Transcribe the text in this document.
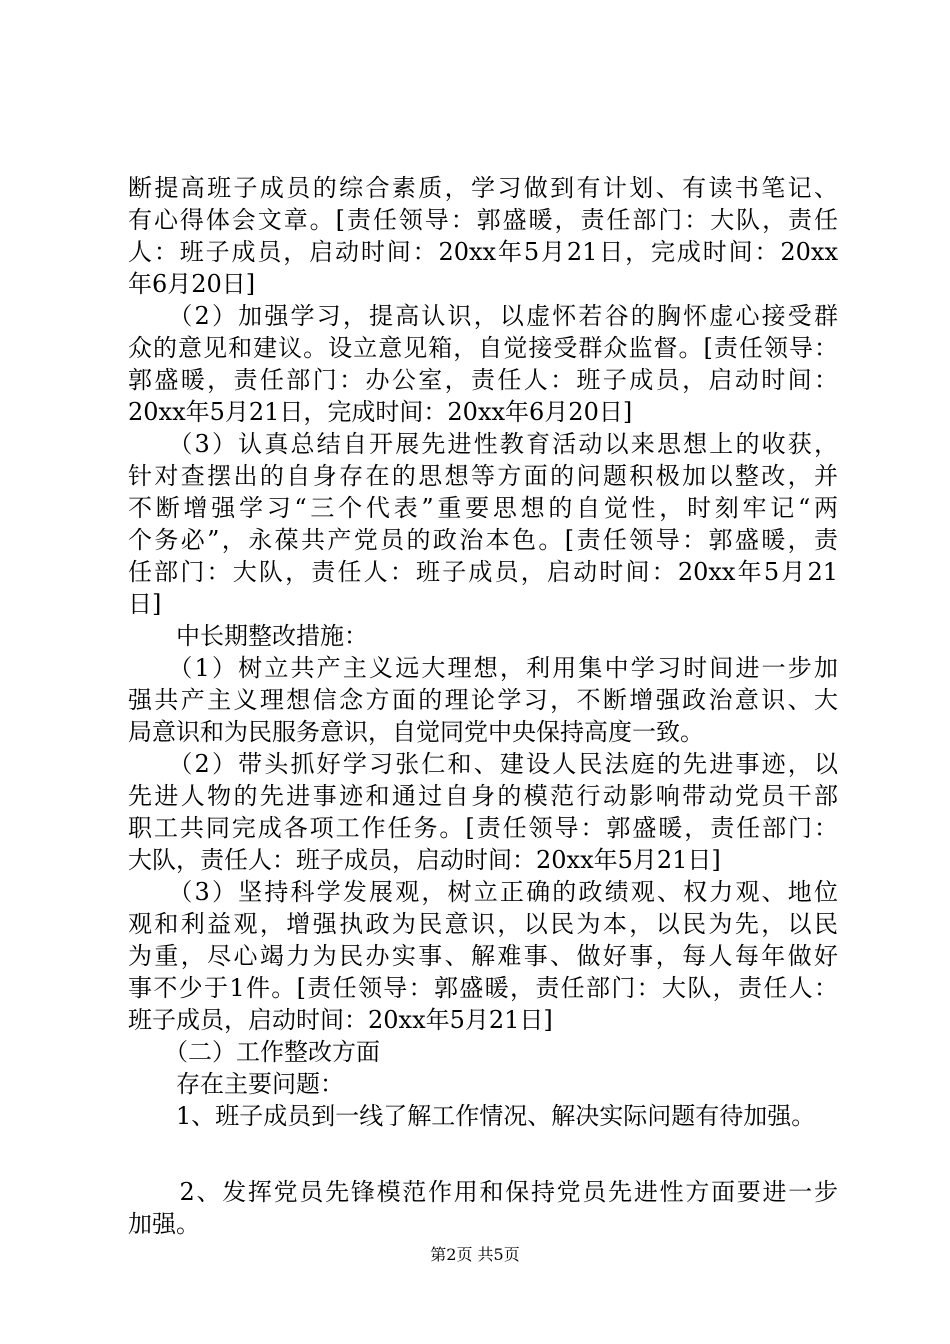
断提高班子成员的综合素质，学习做到有计划、有读书笔记、
有心得体会文章。[责任领导：郭盛暖，责任部门：大队，责任
人：班子成员，启动时间：20xx年5月21日，完成时间：20xx
年6月20日]
　　（2）加强学习，提高认识，以虚怀若谷的胸怀虚心接受群
众的意见和建议。设立意见箱，自觉接受群众监督。[责任领导：
郭盛暖，责任部门：办公室，责任人：班子成员，启动时间：
20xx年5月21日，完成时间：20xx年6月20日]
　　（3）认真总结自开展先进性教育活动以来思想上的收获，
针对查摆出的自身存在的思想等方面的问题积极加以整改，并
不断增强学习“三个代表”重要思想的自觉性，时刻牢记“两
个务必”，永葆共产党员的政治本色。[责任领导：郭盛暖，责
任部门：大队，责任人：班子成员，启动时间：20xx年5月21
日]
　　中长期整改措施：
　　（1）树立共产主义远大理想，利用集中学习时间进一步加
强共产主义理想信念方面的理论学习，不断增强政治意识、大
局意识和为民服务意识，自觉同党中央保持高度一致。
　　（2）带头抓好学习张仁和、建设人民法庭的先进事迹，以
先进人物的先进事迹和通过自身的模范行动影响带动党员干部
职工共同完成各项工作任务。[责任领导：郭盛暖，责任部门：
大队，责任人：班子成员，启动时间：20xx年5月21日]
　　（3）坚持科学发展观，树立正确的政绩观、权力观、地位
观和利益观，增强执政为民意识，以民为本，以民为先，以民
为重，尽心竭力为民办实事、解难事、做好事，每人每年做好
事不少于1件。[责任领导：郭盛暖，责任部门：大队，责任人：
班子成员，启动时间：20xx年5月21日]
　　（二）工作整改方面
　　存在主要问题：
　　1、班子成员到一线了解工作情况、解决实际问题有待加强。
　　2、发挥党员先锋模范作用和保持党员先进性方面要进一步
加强。
第2页 共5页
